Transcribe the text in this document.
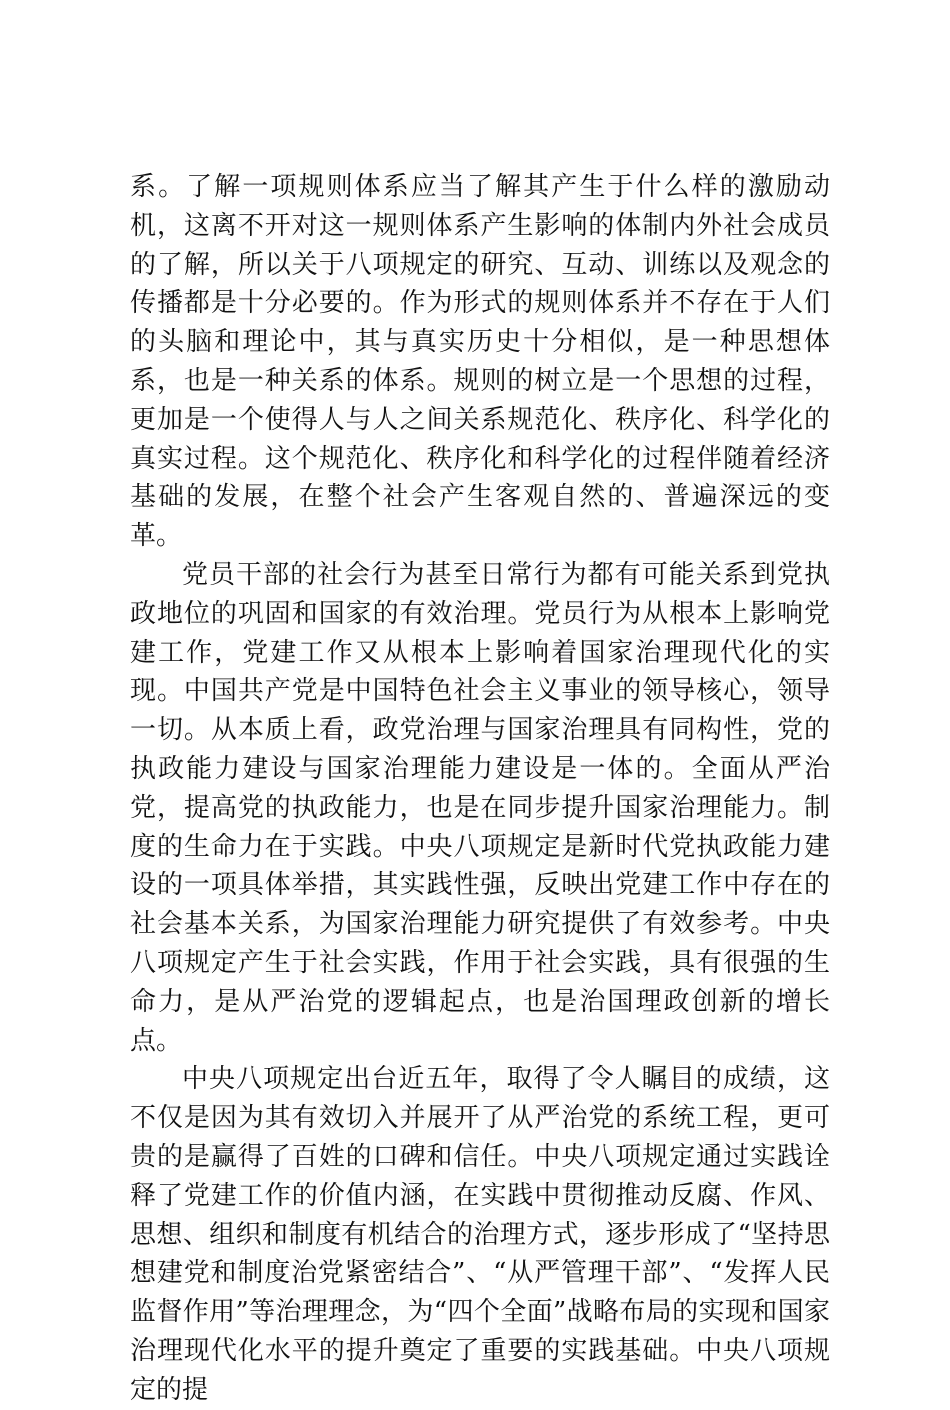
系。了解一项规则体系应当了解其产生于什么样的激励动机，这离不开对这一规则体系产生影响的体制内外社会成员的了解，所以关于八项规定的研究、互动、训练以及观念的传播都是十分必要的。作为形式的规则体系并不存在于人们的头脑和理论中，其与真实历史十分相似，是一种思想体系，也是一种关系的体系。规则的树立是一个思想的过程，更加是一个使得人与人之间关系规范化、秩序化、科学化的真实过程。这个规范化、秩序化和科学化的过程伴随着经济基础的发展，在整个社会产生客观自然的、普遍深远的变革。

党员干部的社会行为甚至日常行为都有可能关系到党执政地位的巩固和国家的有效治理。党员行为从根本上影响党建工作，党建工作又从根本上影响着国家治理现代化的实现。中国共产党是中国特色社会主义事业的领导核心，领导一切。从本质上看，政党治理与国家治理具有同构性，党的执政能力建设与国家治理能力建设是一体的。全面从严治党，提高党的执政能力，也是在同步提升国家治理能力。制度的生命力在于实践。中央八项规定是新时代党执政能力建设的一项具体举措，其实践性强，反映出党建工作中存在的社会基本关系，为国家治理能力研究提供了有效参考。中央八项规定产生于社会实践，作用于社会实践，具有很强的生命力，是从严治党的逻辑起点，也是治国理政创新的增长点。

中央八项规定出台近五年，取得了令人瞩目的成绩，这不仅是因为其有效切入并展开了从严治党的系统工程，更可贵的是赢得了百姓的口碑和信任。中央八项规定通过实践诠释了党建工作的价值内涵，在实践中贯彻推动反腐、作风、思想、组织和制度有机结合的治理方式，逐步形成了“坚持思想建党和制度治党紧密结合”、“从严管理干部”、“发挥人民监督作用”等治理理念，为“四个全面”战略布局的实现和国家治理现代化水平的提升奠定了重要的实践基础。中央八项规定的提
